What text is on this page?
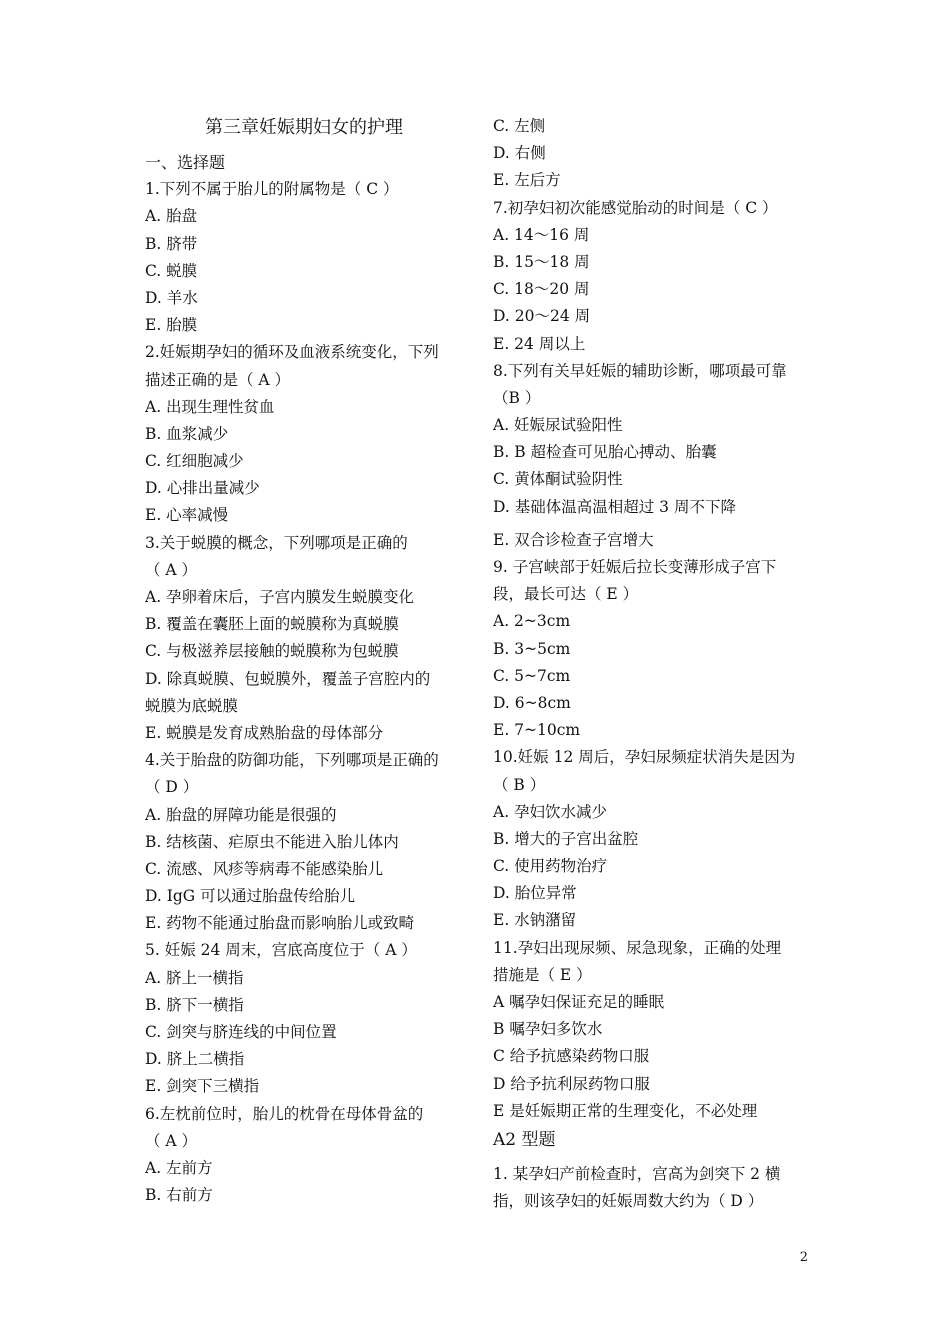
第三章妊娠期妇女的护理
一、选择题
1.下列不属于胎儿的附属物是（ C ）
A. 胎盘
B. 脐带
C. 蜕膜
D. 羊水
E. 胎膜
2.妊娠期孕妇的循环及血液系统变化，下列
描述正确的是（ A ）
A. 出现生理性贫血
B. 血浆减少
C. 红细胞减少
D. 心排出量减少
E. 心率减慢
3.关于蜕膜的概念，下列哪项是正确的
（ A ）
A. 孕卵着床后，子宫内膜发生蜕膜变化
B. 覆盖在囊胚上面的蜕膜称为真蜕膜
C. 与极滋养层接触的蜕膜称为包蜕膜
D. 除真蜕膜、包蜕膜外，覆盖子宫腔内的
蜕膜为底蜕膜
E. 蜕膜是发育成熟胎盘的母体部分
4.关于胎盘的防御功能，下列哪项是正确的
（ D ）
A. 胎盘的屏障功能是很强的
B. 结核菌、疟原虫不能进入胎儿体内
C. 流感、风疹等病毒不能感染胎儿
D. IgG 可以通过胎盘传给胎儿
E. 药物不能通过胎盘而影响胎儿或致畸
5. 妊娠 24 周末，宫底高度位于（ A ）
A. 脐上一横指
B. 脐下一横指
C. 剑突与脐连线的中间位置
D. 脐上二横指
E. 剑突下三横指
6.左枕前位时，胎儿的枕骨在母体骨盆的
（ A ）
A. 左前方
B. 右前方
C. 左侧
D. 右侧
E. 左后方
7.初孕妇初次能感觉胎动的时间是（ C ）
A. 14～16 周
B. 15～18 周
C. 18～20 周
D. 20～24 周
E. 24 周以上
8.下列有关早妊娠的辅助诊断，哪项最可靠
（B ）
A. 妊娠尿试验阳性
B. B 超检查可见胎心搏动、胎囊
C. 黄体酮试验阴性
D. 基础体温高温相超过 3 周不下降
E. 双合诊检查子宫增大
9. 子宫峡部于妊娠后拉长变薄形成子宫下
段，最长可达（ E ）
A. 2~3cm
B. 3~5cm
C. 5~7cm
D. 6~8cm
E. 7~10cm
10.妊娠 12 周后，孕妇尿频症状消失是因为
（ B ）
A. 孕妇饮水减少
B. 增大的子宫出盆腔
C. 使用药物治疗
D. 胎位异常
E. 水钠潴留
11.孕妇出现尿频、尿急现象，正确的处理
措施是（ E ）
A 嘱孕妇保证充足的睡眠
B 嘱孕妇多饮水
C 给予抗感染药物口服
D 给予抗利尿药物口服
E 是妊娠期正常的生理变化，不必处理
A2 型题
1. 某孕妇产前检查时，宫高为剑突下 2 横
指，则该孕妇的妊娠周数大约为（ D ）
2
